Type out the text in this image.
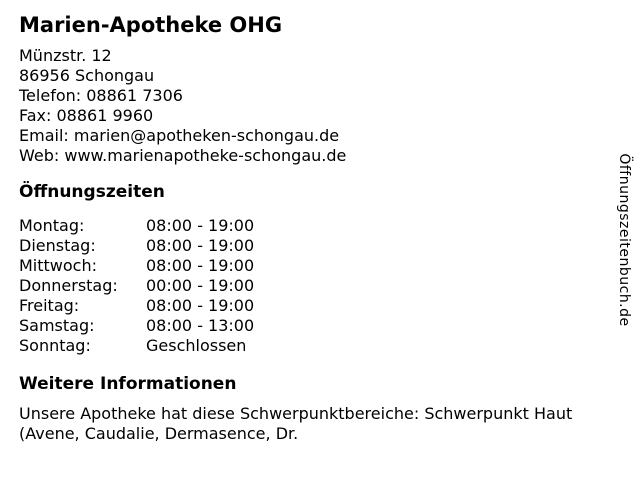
Marien-Apotheke OHG
Münzstr. 12
86956 Schongau
Telefon: 08861 7306
Fax: 08861 9960
Email: marien@apotheken-schongau.de
Web: www.marienapotheke-schongau.de
Öffnungszeiten
Montag:	08:00 - 19:00
Dienstag:	08:00 - 19:00
Mittwoch:	08:00 - 19:00
Donnerstag:	00:00 - 19:00
Freitag:	08:00 - 19:00
Samstag:	08:00 - 13:00
Sonntag:	Geschlossen
Weitere Informationen

Unsere Apotheke hat diese Schwerpunktbereiche: Schwerpunkt Haut (Avene, Caudalie, Dermasence, Dr.

Öffnungszeitenbuch.de
